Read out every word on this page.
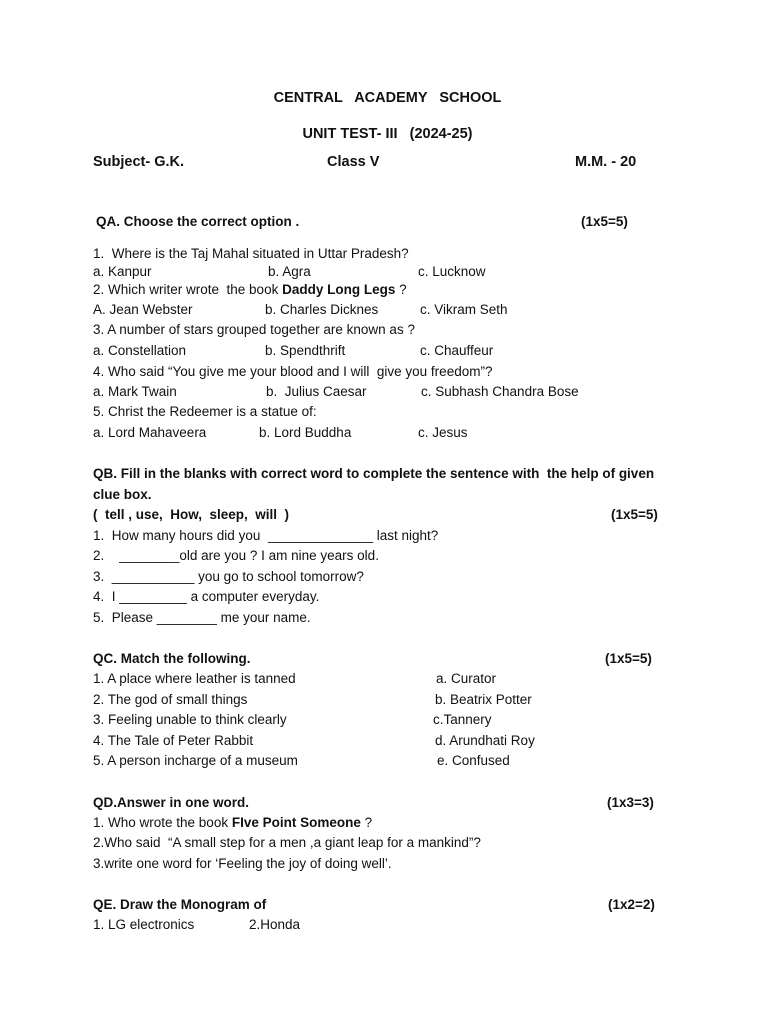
CENTRAL   ACADEMY   SCHOOL
UNIT TEST- III   (2024-25)
Subject- G.K.	Class V	M.M. - 20
QA. Choose the correct option .	(1x5=5)
1.  Where is the Taj Mahal situated in Uttar Pradesh?
a. Kanpur	b. Agra	c. Lucknow
2. Which writer wrote  the book Daddy Long Legs ?
A. Jean Webster	b. Charles Dicknes	c. Vikram Seth
3. A number of stars grouped together are known as ?
a. Constellation	b. Spendthrift	c. Chauffeur
4. Who said “You give me your blood and I will  give you freedom”?
a. Mark Twain	b.  Julius Caesar	c. Subhash Chandra Bose
5. Christ the Redeemer is a statue of:
a. Lord Mahaveera	b. Lord Buddha	c. Jesus
QB. Fill in the blanks with correct word to complete the sentence with  the help of given
clue box.
(  tell , use,  How,  sleep,  will  )	(1x5=5)
1.  How many hours did you  ______________ last night?
2.    ________old are you ? I am nine years old.
3.  ___________ you go to school tomorrow?
4.  I _________ a computer everyday.
5.  Please ________ me your name.
QC. Match the following.	(1x5=5)
1. A place where leather is tanned	a. Curator
2. The god of small things	b. Beatrix Potter
3. Feeling unable to think clearly	c.Tannery
4. The Tale of Peter Rabbit	d. Arundhati Roy
5. A person incharge of a museum	e. Confused
QD.Answer in one word.	(1x3=3)
1. Who wrote the book FIve Point Someone ?
2.Who said  “A small step for a men ,a giant leap for a mankind”?
3.write one word for ‘Feeling the joy of doing well’.
QE. Draw the Monogram of	(1x2=2)
1. LG electronics	2.Honda
